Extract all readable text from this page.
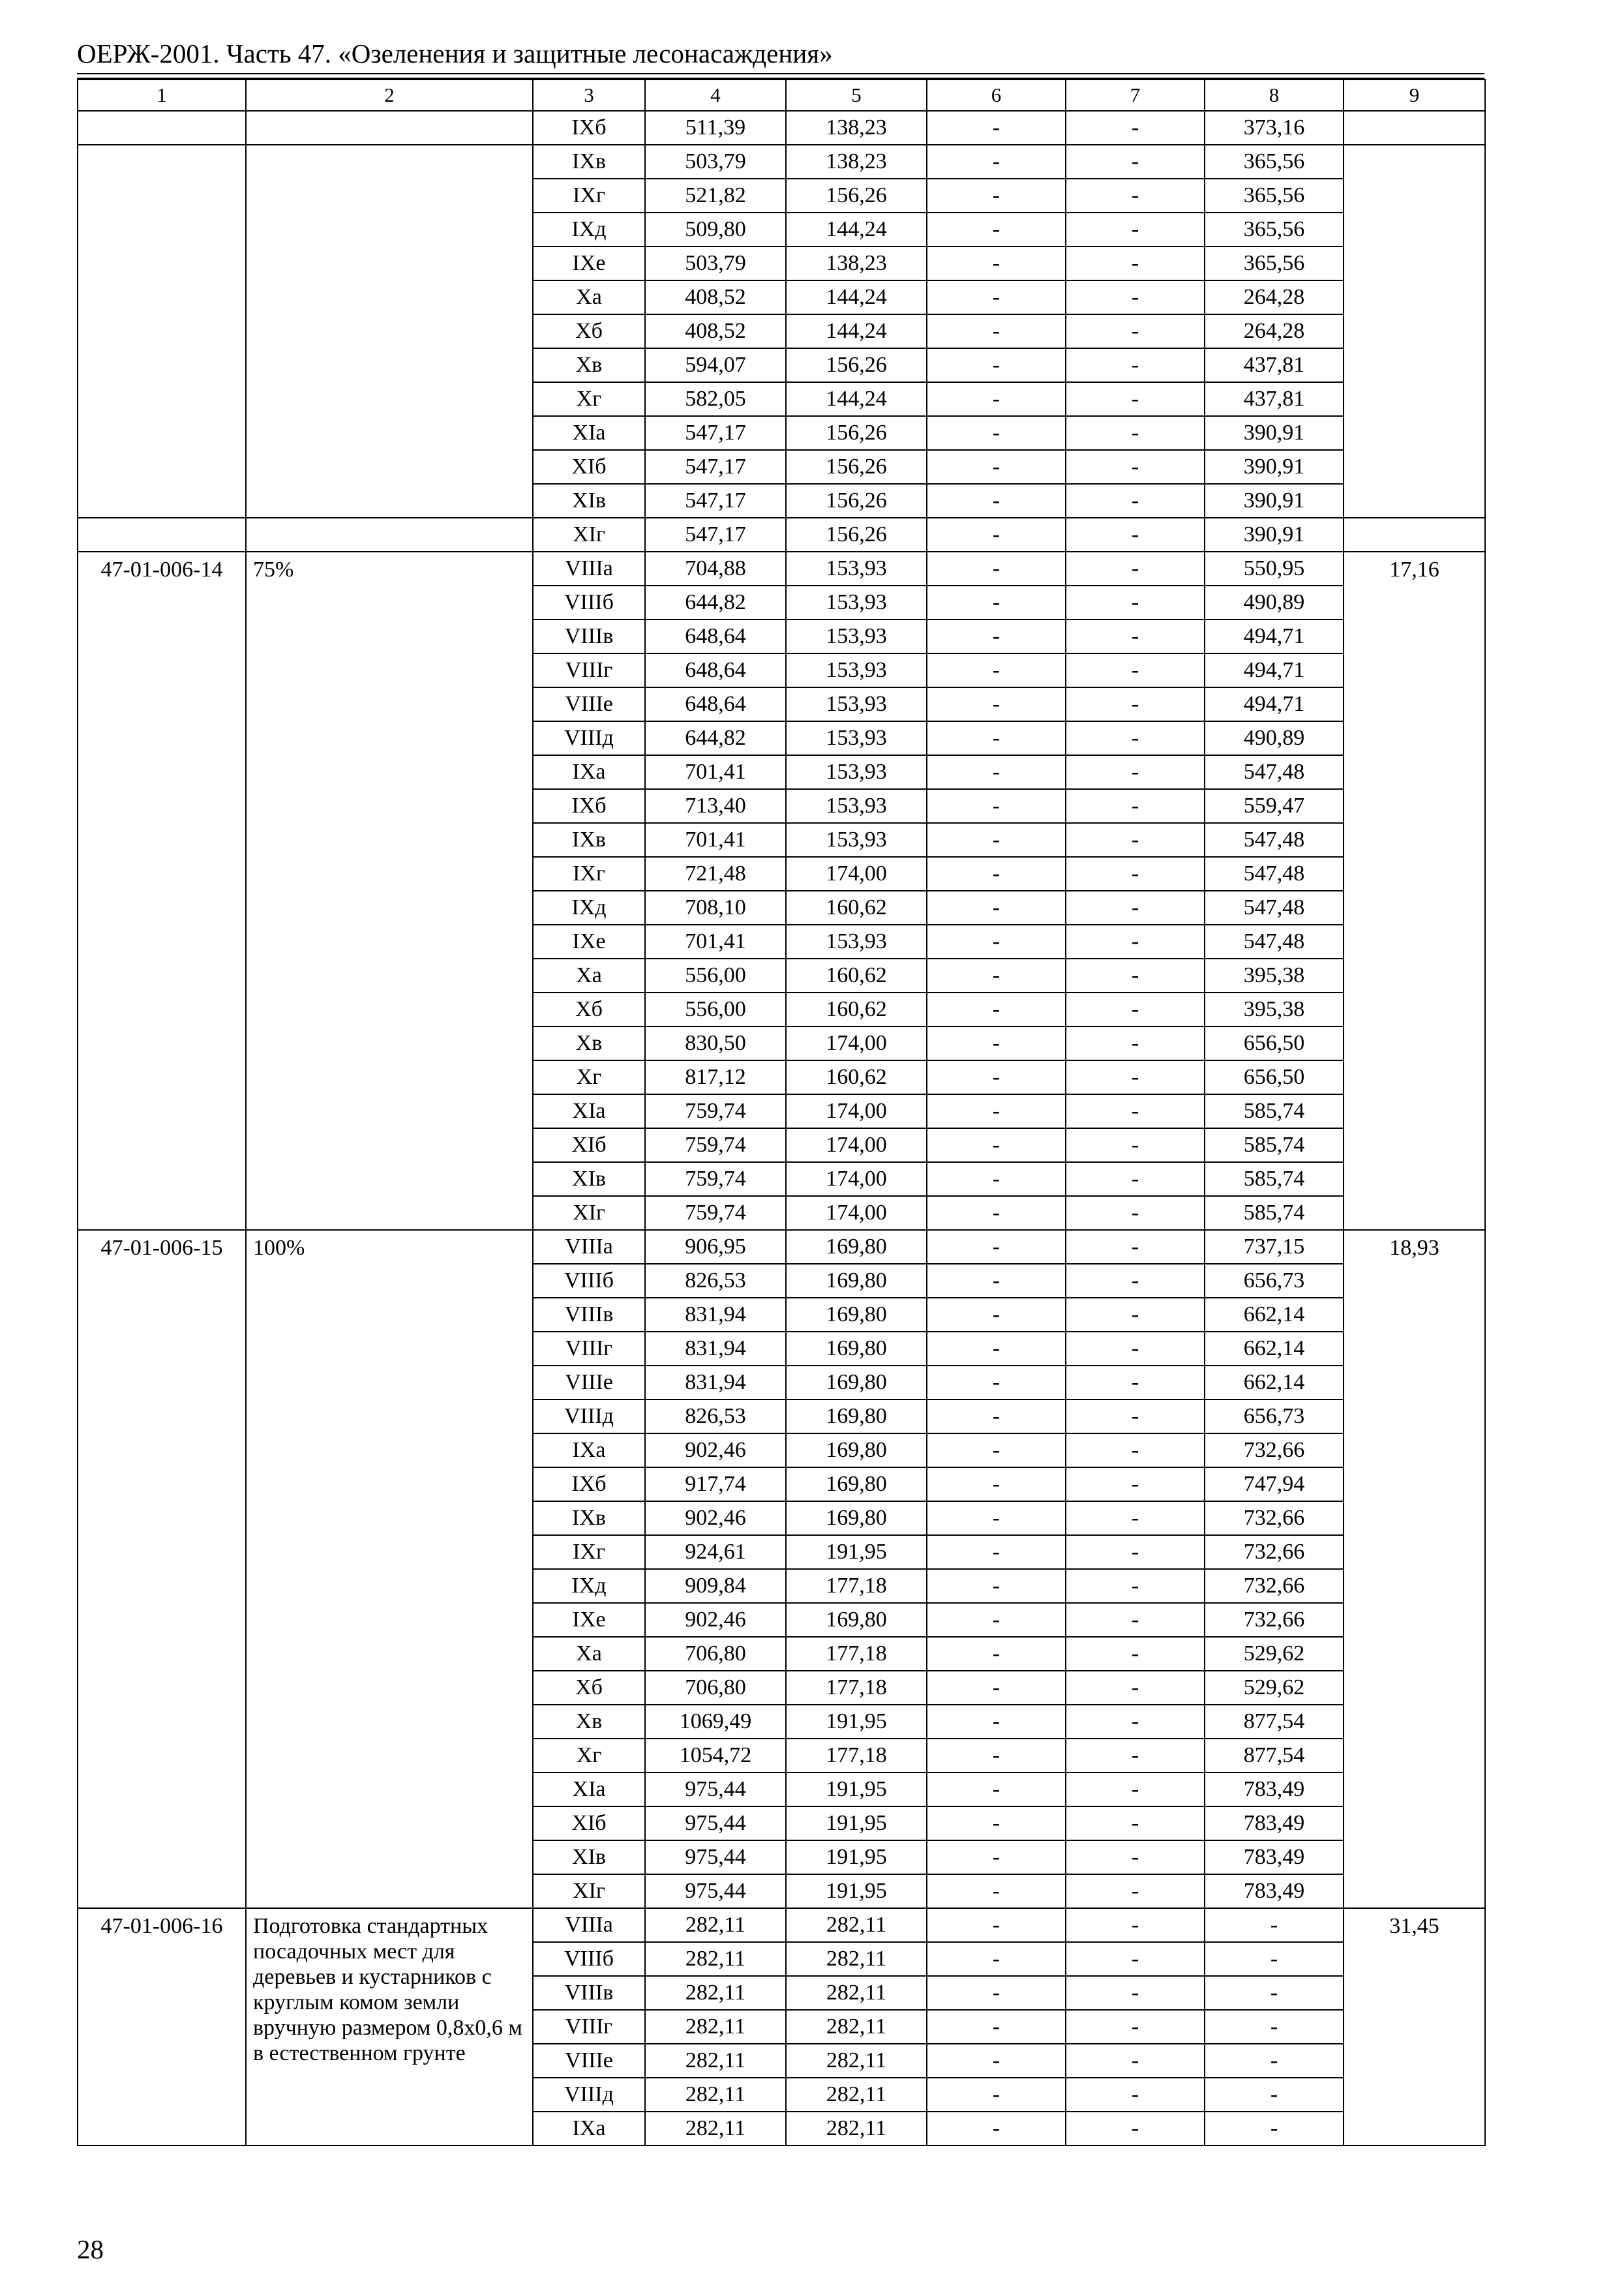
ОЕРЖ-2001. Часть 47. «Озеленения и защитные лесонасаждения»
1	2	3	4	5	6	7	8	9
		IXб	511,39	138,23	-	-	373,16	
		IXв	503,79	138,23	-	-	365,56	
		IXг	521,82	156,26	-	-	365,56	
		IXд	509,80	144,24	-	-	365,56	
		IXе	503,79	138,23	-	-	365,56	
		Xа	408,52	144,24	-	-	264,28	
		Xб	408,52	144,24	-	-	264,28	
		Xв	594,07	156,26	-	-	437,81	
		Xг	582,05	144,24	-	-	437,81	
		XIа	547,17	156,26	-	-	390,91	
		XIб	547,17	156,26	-	-	390,91	
		XIв	547,17	156,26	-	-	390,91	
		XIг	547,17	156,26	-	-	390,91	
47-01-006-14	75%	VIIIа	704,88	153,93	-	-	550,95	17,16
		VIIIб	644,82	153,93	-	-	490,89	
		VIIIв	648,64	153,93	-	-	494,71	
		VIIIг	648,64	153,93	-	-	494,71	
		VIIIе	648,64	153,93	-	-	494,71	
		VIIIд	644,82	153,93	-	-	490,89	
		IXа	701,41	153,93	-	-	547,48	
		IXб	713,40	153,93	-	-	559,47	
		IXв	701,41	153,93	-	-	547,48	
		IXг	721,48	174,00	-	-	547,48	
		IXд	708,10	160,62	-	-	547,48	
		IXе	701,41	153,93	-	-	547,48	
		Xа	556,00	160,62	-	-	395,38	
		Xб	556,00	160,62	-	-	395,38	
		Xв	830,50	174,00	-	-	656,50	
		Xг	817,12	160,62	-	-	656,50	
		XIа	759,74	174,00	-	-	585,74	
		XIб	759,74	174,00	-	-	585,74	
		XIв	759,74	174,00	-	-	585,74	
		XIг	759,74	174,00	-	-	585,74	
47-01-006-15	100%	VIIIа	906,95	169,80	-	-	737,15	18,93
		VIIIб	826,53	169,80	-	-	656,73	
		VIIIв	831,94	169,80	-	-	662,14	
		VIIIг	831,94	169,80	-	-	662,14	
		VIIIе	831,94	169,80	-	-	662,14	
		VIIIд	826,53	169,80	-	-	656,73	
		IXа	902,46	169,80	-	-	732,66	
		IXб	917,74	169,80	-	-	747,94	
		IXв	902,46	169,80	-	-	732,66	
		IXг	924,61	191,95	-	-	732,66	
		IXд	909,84	177,18	-	-	732,66	
		IXе	902,46	169,80	-	-	732,66	
		Xа	706,80	177,18	-	-	529,62	
		Xб	706,80	177,18	-	-	529,62	
		Xв	1069,49	191,95	-	-	877,54	
		Xг	1054,72	177,18	-	-	877,54	
		XIа	975,44	191,95	-	-	783,49	
		XIб	975,44	191,95	-	-	783,49	
		XIв	975,44	191,95	-	-	783,49	
		XIг	975,44	191,95	-	-	783,49	
47-01-006-16	Подготовка стандартных посадочных мест для деревьев и кустарников с круглым комом земли вручную размером 0,8х0,6 м в естественном грунте	VIIIа	282,11	282,11	-	-	-	31,45
		VIIIб	282,11	282,11	-	-	-	
		VIIIв	282,11	282,11	-	-	-	
		VIIIг	282,11	282,11	-	-	-	
		VIIIе	282,11	282,11	-	-	-	
		VIIIд	282,11	282,11	-	-	-	
		IXа	282,11	282,11	-	-	-	
28
